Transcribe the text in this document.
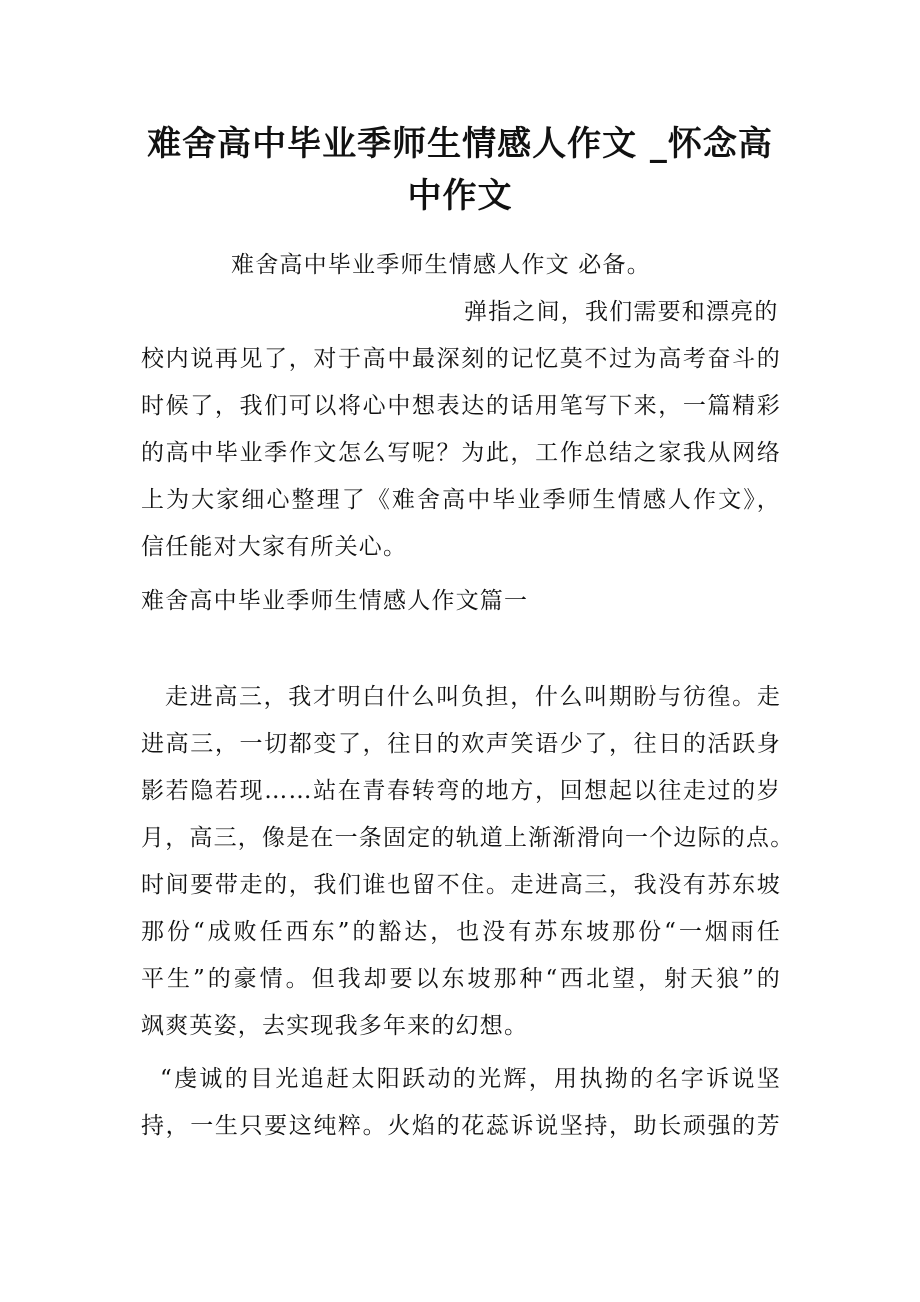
难舍高中毕业季师生情感人作文 _怀念高
中作文
难舍高中毕业季师生情感人作文 必备。
弹指之间，我们需要和漂亮的
校内说再见了，对于高中最深刻的记忆莫不过为高考奋斗的
时候了，我们可以将心中想表达的话用笔写下来，一篇精彩
的高中毕业季作文怎么写呢？为此，工作总结之家我从网络
上为大家细心整理了《难舍高中毕业季师生情感人作文》，
信任能对大家有所关心。
难舍高中毕业季师生情感人作文篇一
走进高三，我才明白什么叫负担，什么叫期盼与彷徨。走
进高三，一切都变了，往日的欢声笑语少了，往日的活跃身
影若隐若现……站在青春转弯的地方，回想起以往走过的岁
月，高三，像是在一条固定的轨道上渐渐滑向一个边际的点。
时间要带走的，我们谁也留不住。走进高三，我没有苏东坡
那份“成败任西东”的豁达，也没有苏东坡那份“一烟雨任
平生”的豪情。但我却要以东坡那种“西北望，射天狼”的
飒爽英姿，去实现我多年来的幻想。
“虔诚的目光追赶太阳跃动的光辉，用执拗的名字诉说坚
持，一生只要这纯粹。火焰的花蕊诉说坚持，助长顽强的芳
